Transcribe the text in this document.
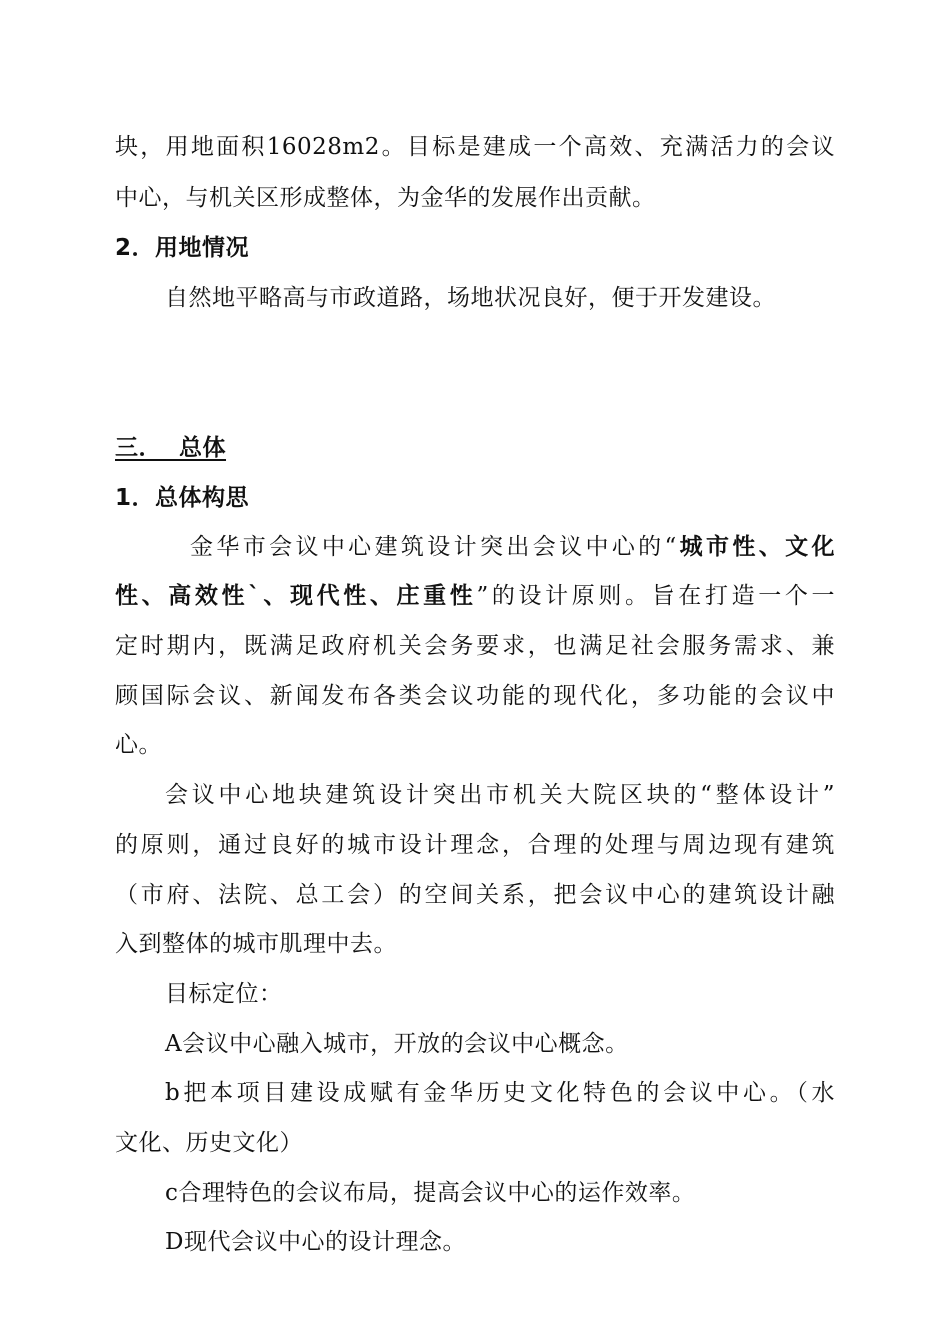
块，用地面积16028m2。目标是建成一个高效、充满活力的会议
中心，与机关区形成整体，为金华的发展作出贡献。
2．用地情况
自然地平略高与市政道路，场地状况良好，便于开发建设。
三．  总体
1．总体构思
金华市会议中心建筑设计突出会议中心的“城市性、文化
性、高效性`、现代性、庄重性”的设计原则。旨在打造一个一
定时期内，既满足政府机关会务要求，也满足社会服务需求、兼
顾国际会议、新闻发布各类会议功能的现代化，多功能的会议中
心。
会议中心地块建筑设计突出市机关大院区块的“整体设计”
的原则，通过良好的城市设计理念，合理的处理与周边现有建筑
（市府、法院、总工会）的空间关系，把会议中心的建筑设计融
入到整体的城市肌理中去。
目标定位：
A会议中心融入城市，开放的会议中心概念。
b把本项目建设成赋有金华历史文化特色的会议中心。（水
文化、历史文化）
c合理特色的会议布局，提高会议中心的运作效率。
D现代会议中心的设计理念。
